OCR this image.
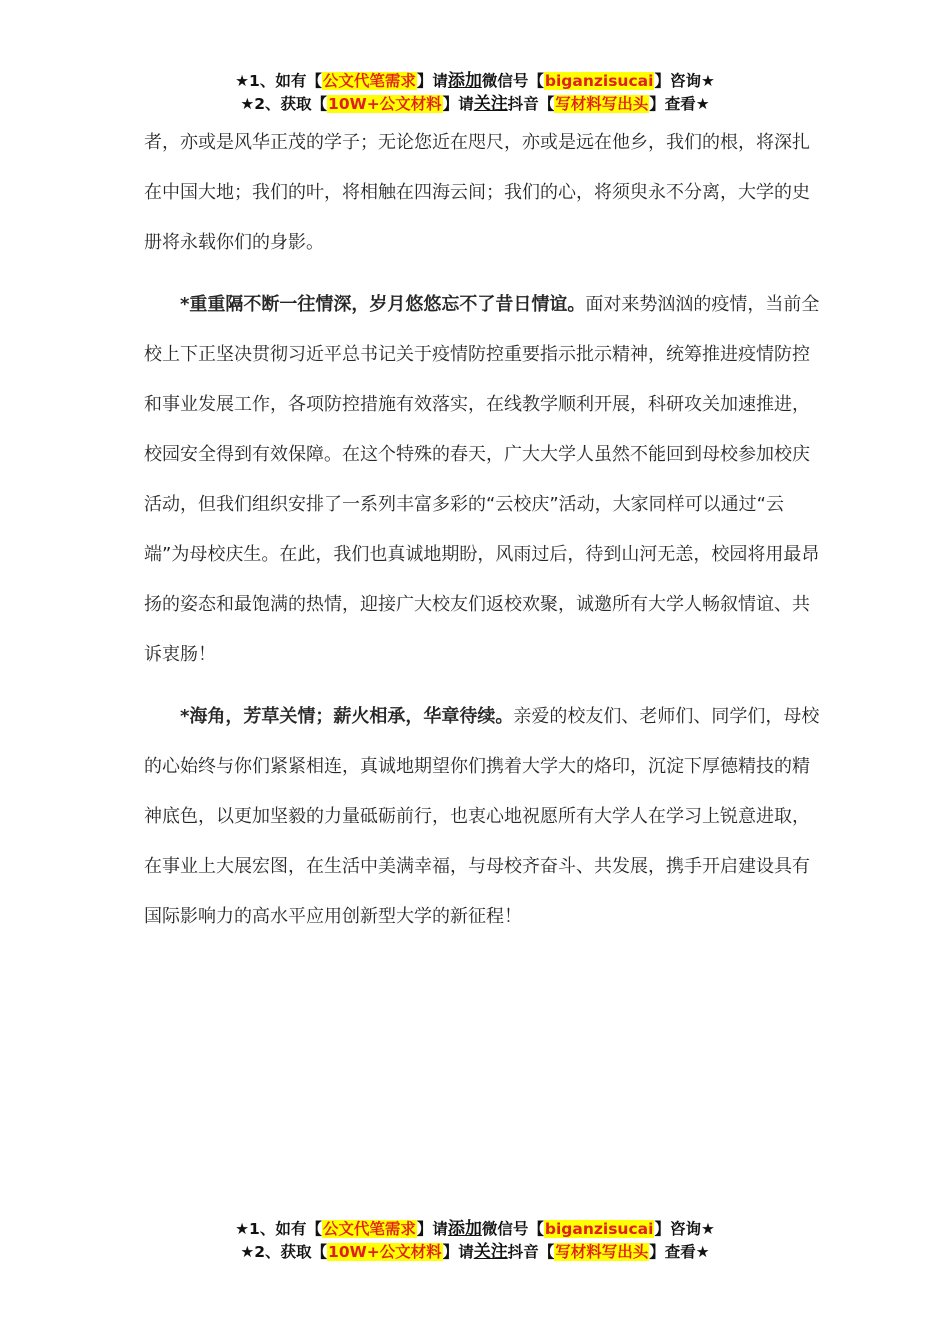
★1、如有【公文代笔需求】请添加微信号【biganzisucai】咨询★
★2、获取【10W+公文材料】请关注抖音【写材料写出头】查看★

者，亦或是风华正茂的学子；无论您近在咫尺，亦或是远在他乡，我们的根，将深扎在中国大地；我们的叶，将相触在四海云间；我们的心，将须臾永不分离，大学的史册将永载你们的身影。

*重重隔不断一往情深，岁月悠悠忘不了昔日情谊。面对来势汹汹的疫情，当前全校上下正坚决贯彻习近平总书记关于疫情防控重要指示批示精神，统筹推进疫情防控和事业发展工作，各项防控措施有效落实，在线教学顺利开展，科研攻关加速推进，校园安全得到有效保障。在这个特殊的春天，广大大学人虽然不能回到母校参加校庆活动，但我们组织安排了一系列丰富多彩的“云校庆”活动，大家同样可以通过“云端”为母校庆生。在此，我们也真诚地期盼，风雨过后，待到山河无恙，校园将用最昂扬的姿态和最饱满的热情，迎接广大校友们返校欢聚，诚邀所有大学人畅叙情谊、共诉衷肠！

*海角，芳草关情；薪火相承，华章待续。亲爱的校友们、老师们、同学们，母校的心始终与你们紧紧相连，真诚地期望你们携着大学大的烙印，沉淀下厚德精技的精神底色，以更加坚毅的力量砥砺前行，也衷心地祝愿所有大学人在学习上锐意进取，在事业上大展宏图，在生活中美满幸福，与母校齐奋斗、共发展，携手开启建设具有国际影响力的高水平应用创新型大学的新征程！

★1、如有【公文代笔需求】请添加微信号【biganzisucai】咨询★
★2、获取【10W+公文材料】请关注抖音【写材料写出头】查看★
